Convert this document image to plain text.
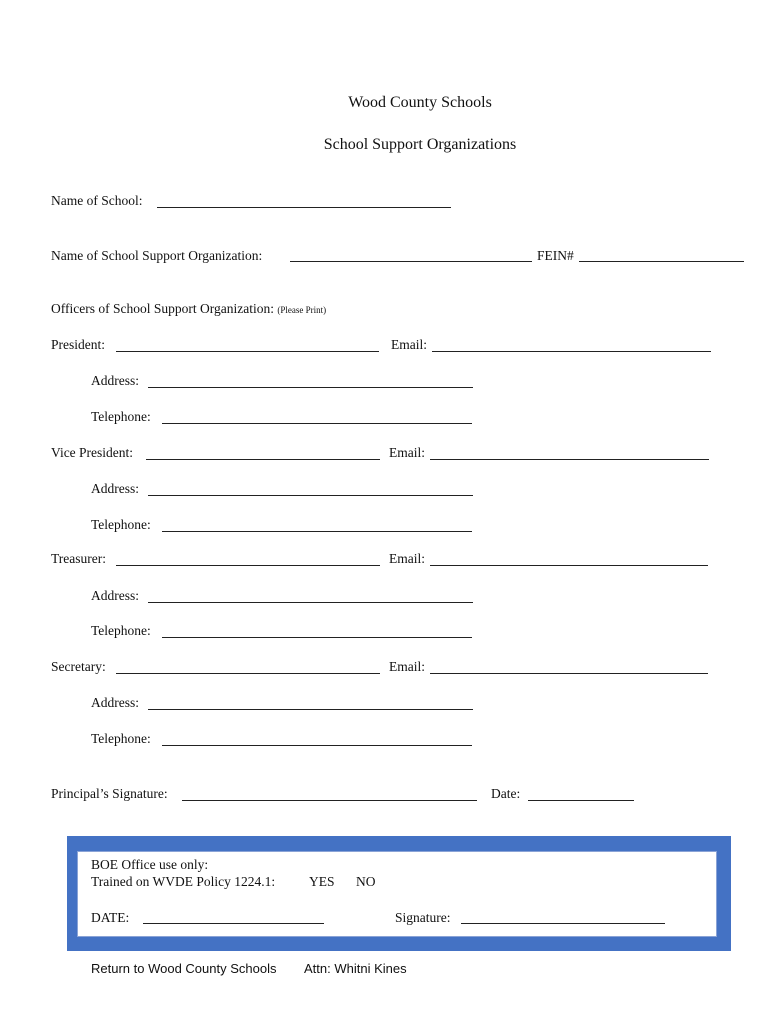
Wood County Schools
School Support Organizations
Name of School:
Name of School Support Organization:	FEIN#
Officers of School Support Organization: (Please Print)
President:	Email:
Address:
Telephone:
Vice President:	Email:
Address:
Telephone:
Treasurer:	Email:
Address:
Telephone:
Secretary:	Email:
Address:
Telephone:
Principal’s Signature:	Date:
BOE Office use only:
Trained on WVDE Policy 1224.1:	YES NO
DATE:	Signature:
Return to Wood County Schools Attn: Whitni Kines
